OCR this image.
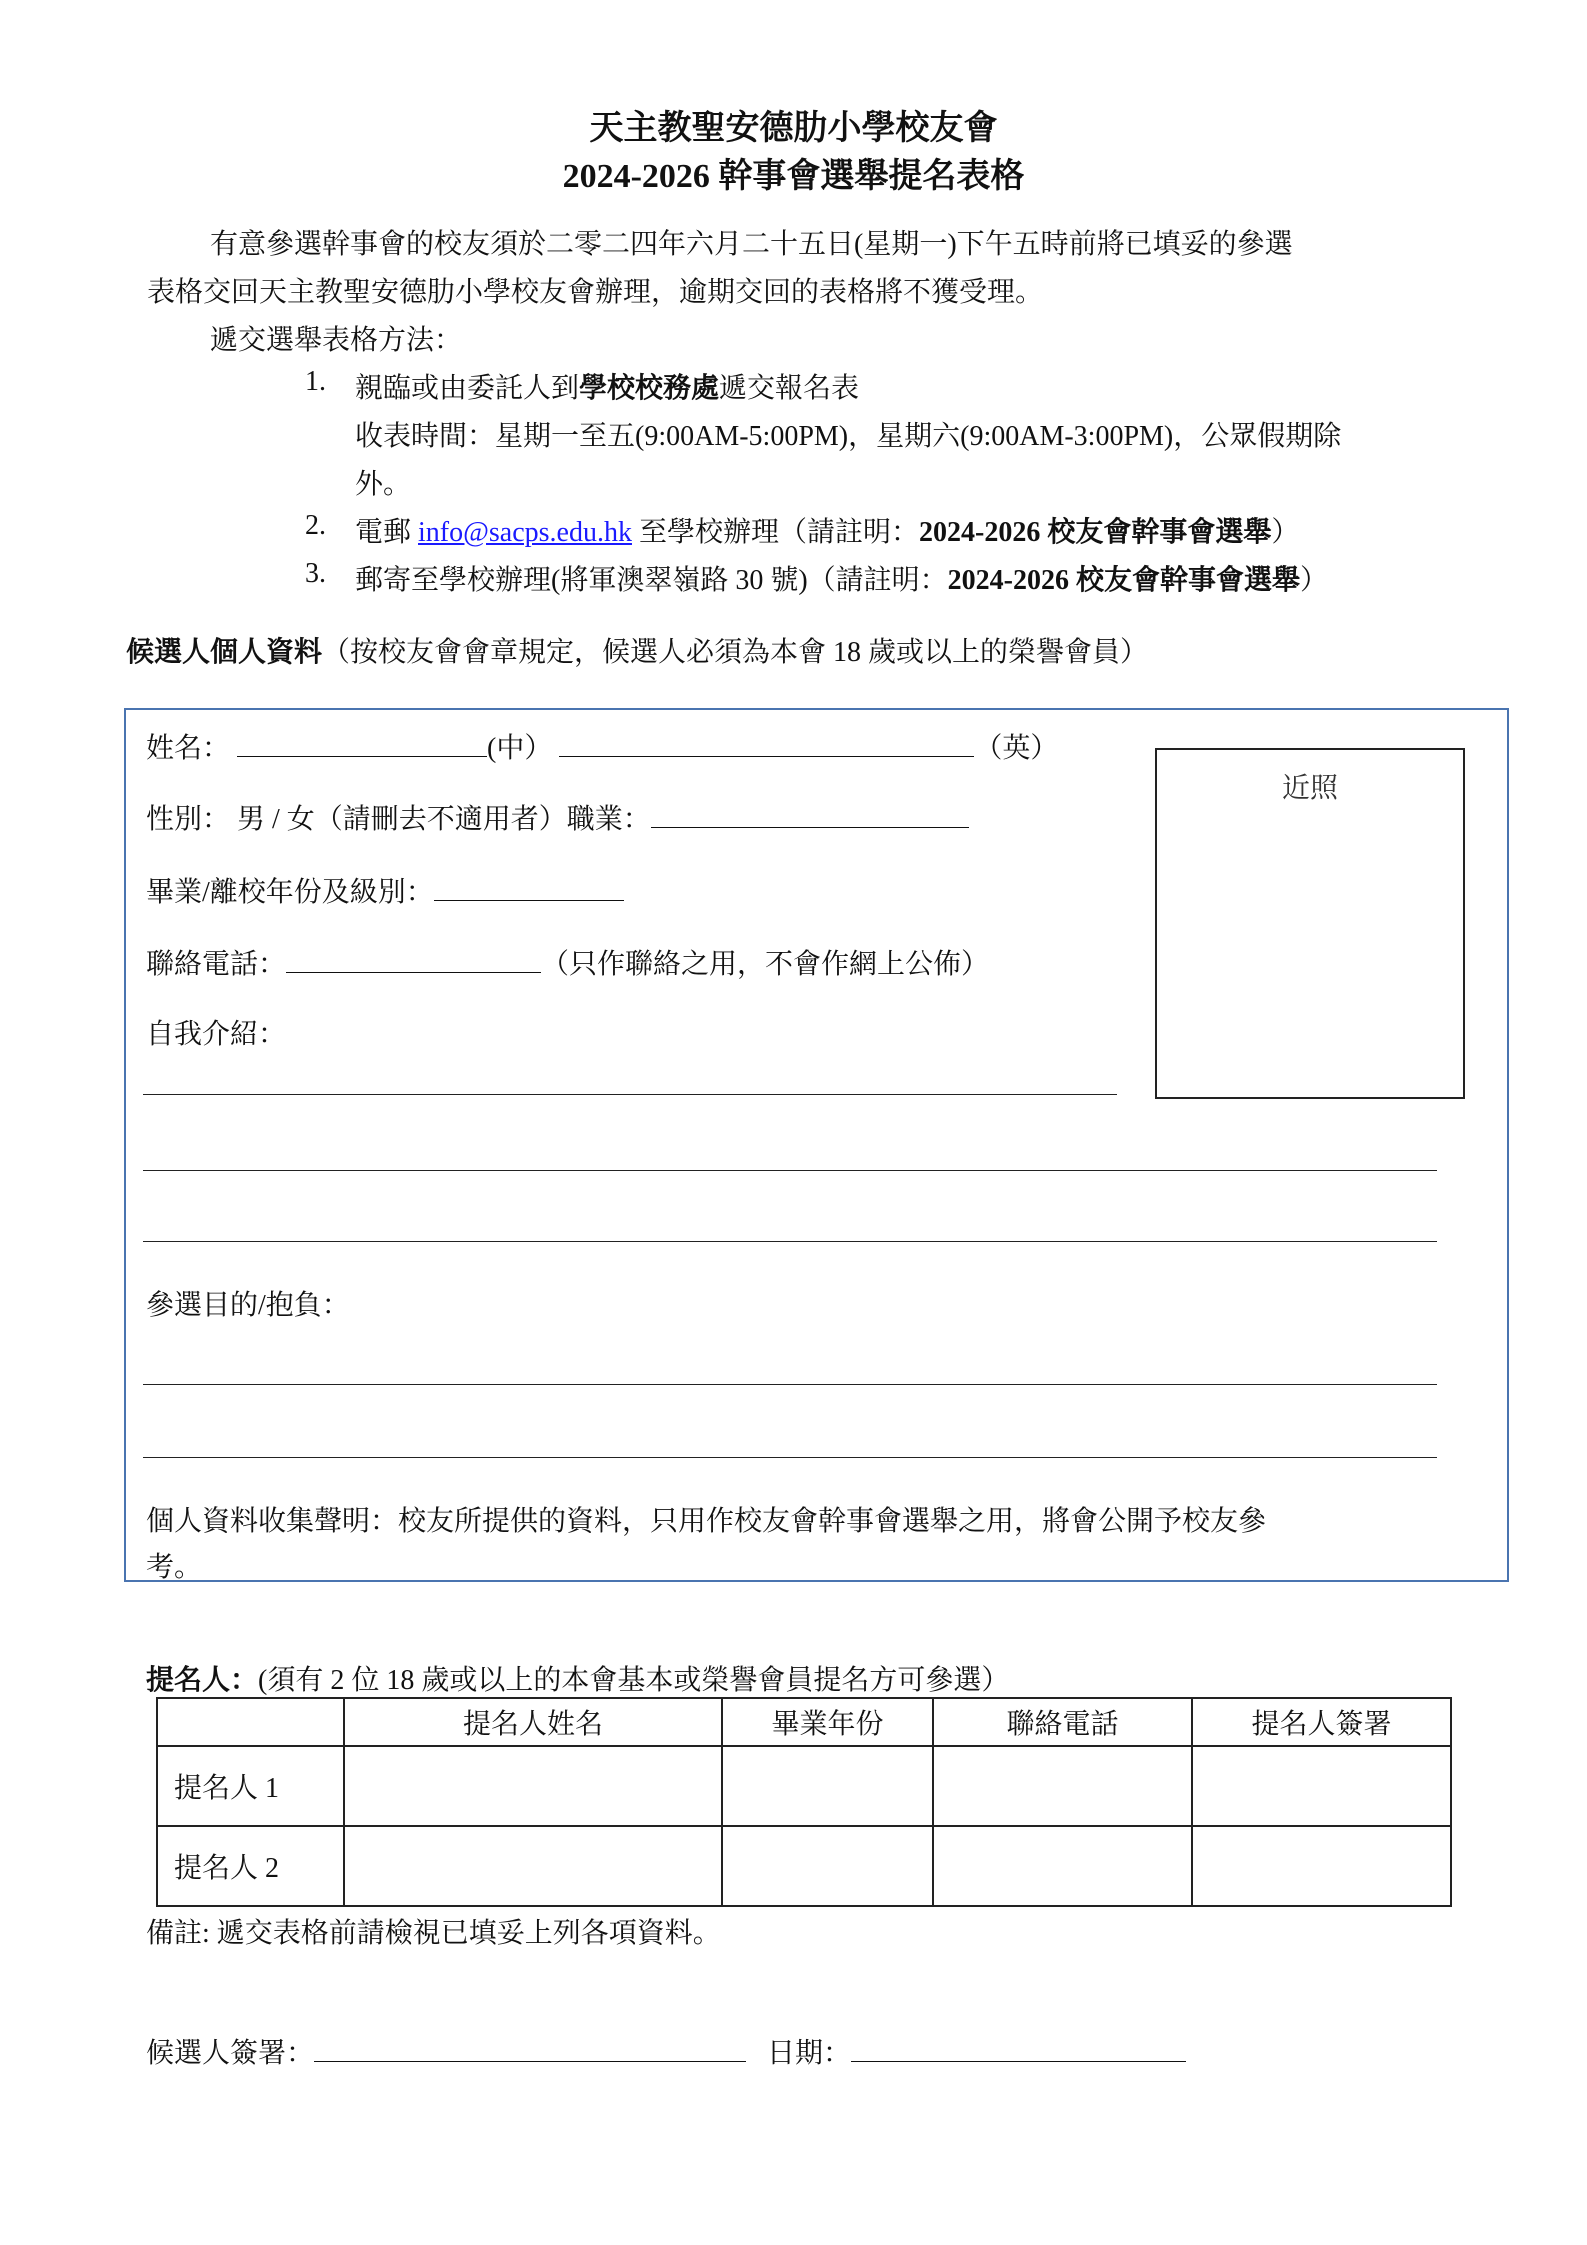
天主教聖安德肋小學校友會
2024-2026 幹事會選舉提名表格
有意參選幹事會的校友須於二零二四年六月二十五日(星期一)下午五時前將已填妥的參選
表格交回天主教聖安德肋小學校友會辦理，逾期交回的表格將不獲受理。
遞交選舉表格方法：
1. 親臨或由委託人到學校校務處遞交報名表
收表時間：星期一至五(9:00AM-5:00PM)，星期六(9:00AM-3:00PM)，公眾假期除
外。
2. 電郵 info@sacps.edu.hk 至學校辦理（請註明：2024-2026 校友會幹事會選舉）
3. 郵寄至學校辦理(將軍澳翠嶺路 30 號)（請註明：2024-2026 校友會幹事會選舉）
候選人個人資料（按校友會會章規定，候選人必須為本會 18 歲或以上的榮譽會員）
近照
姓名：	(中）	（英）
性別： 男 / 女（請刪去不適用者）職業：
畢業/離校年份及級別：
聯絡電話：	（只作聯絡之用，不會作網上公佈）
自我介紹：
參選目的/抱負：
個人資料收集聲明：校友所提供的資料，只用作校友會幹事會選舉之用，將會公開予校友參
考。
提名人：(須有 2 位 18 歲或以上的本會基本或榮譽會員提名方可參選）
	提名人姓名	畢業年份	聯絡電話	提名人簽署
提名人 1				
提名人 2				
備註: 遞交表格前請檢視已填妥上列各項資料。
候選人簽署：	日期：
